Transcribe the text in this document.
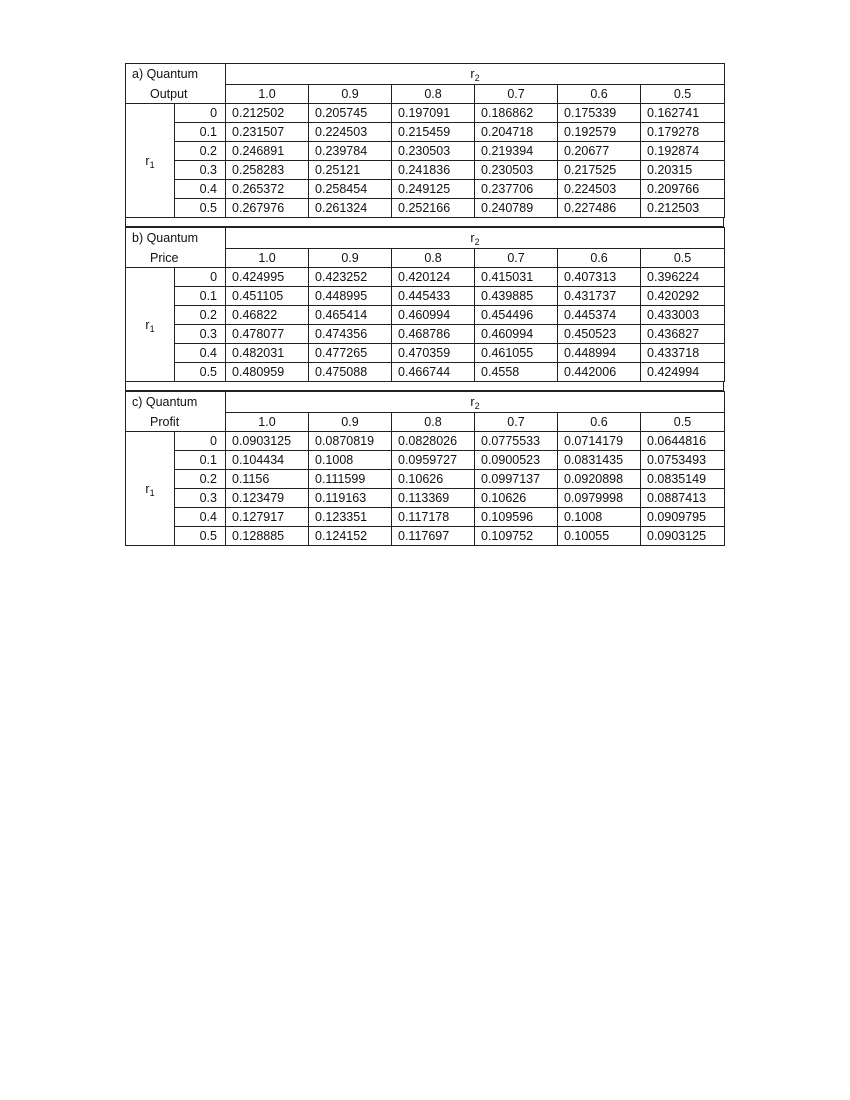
a) Quantum		$r_2$
Output		1.0	0.9	0.8	0.7	0.6	0.5
$r_1$	0	0.212502	0.205745	0.197091	0.186862	0.175339	0.162741
	0.1	0.231507	0.224503	0.215459	0.204718	0.192579	0.179278
	0.2	0.246891	0.239784	0.230503	0.219394	0.20677	0.192874
	0.3	0.258283	0.25121	0.241836	0.230503	0.217525	0.20315
	0.4	0.265372	0.258454	0.249125	0.237706	0.224503	0.209766
	0.5	0.267976	0.261324	0.252166	0.240789	0.227486	0.212503
b) Quantum		$r_2$
Price		1.0	0.9	0.8	0.7	0.6	0.5
$r_1$	0	0.424995	0.423252	0.420124	0.415031	0.407313	0.396224
	0.1	0.451105	0.448995	0.445433	0.439885	0.431737	0.420292
	0.2	0.46822	0.465414	0.460994	0.454496	0.445374	0.433003
	0.3	0.478077	0.474356	0.468786	0.460994	0.450523	0.436827
	0.4	0.482031	0.477265	0.470359	0.461055	0.448994	0.433718
	0.5	0.480959	0.475088	0.466744	0.4558	0.442006	0.424994
c) Quantum		$r_2$
Profit		1.0	0.9	0.8	0.7	0.6	0.5
$r_1$	0	0.0903125	0.0870819	0.0828026	0.0775533	0.0714179	0.0644816
	0.1	0.104434	0.1008	0.0959727	0.0900523	0.0831435	0.0753493
	0.2	0.1156	0.111599	0.10626	0.0997137	0.0920898	0.0835149
	0.3	0.123479	0.119163	0.113369	0.10626	0.0979998	0.0887413
	0.4	0.127917	0.123351	0.117178	0.109596	0.1008	0.0909795
	0.5	0.128885	0.124152	0.117697	0.109752	0.10055	0.0903125
